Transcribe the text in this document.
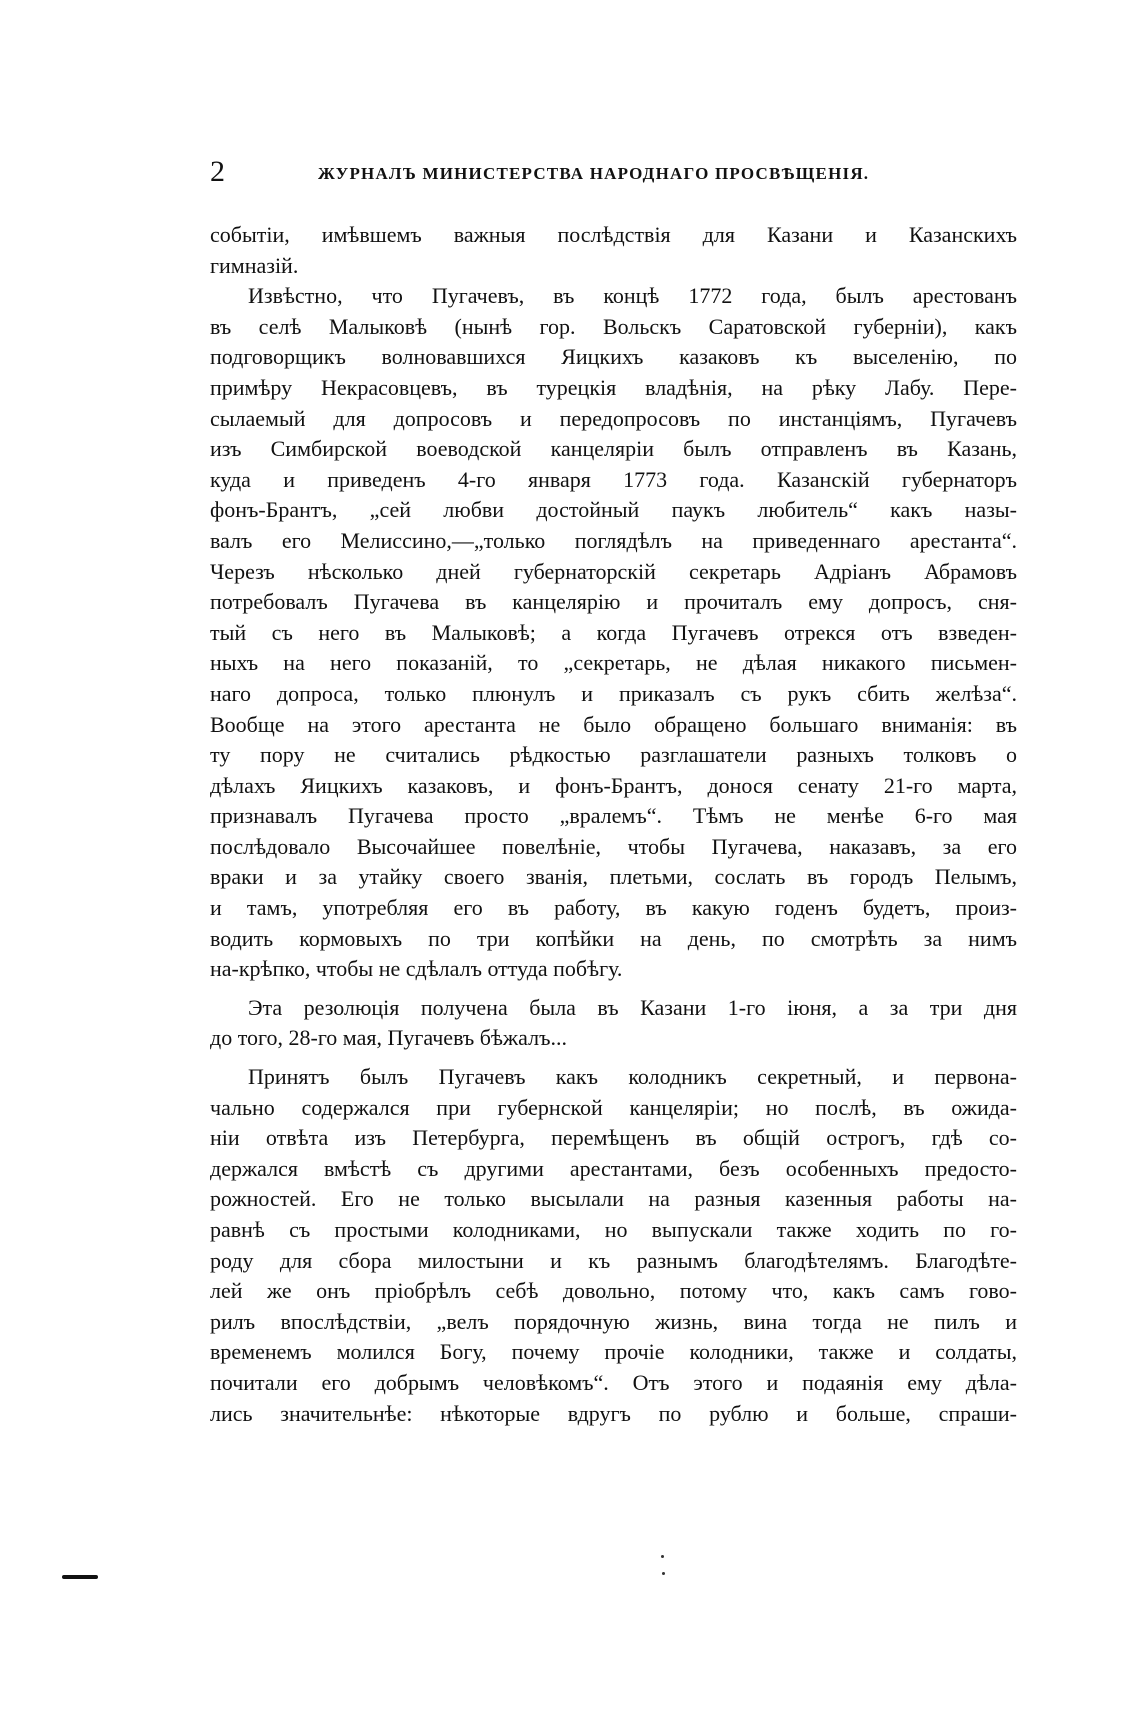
2	ЖУРНАЛЪ МИНИСТЕРСТВА НАРОДНАГО ПРОСВѢЩЕНІЯ.
событіи, имѣвшемъ важныя послѣдствія для Казани и Казанскихъ
гимназій.
Извѣстно, что Пугачевъ, въ концѣ 1772 года, былъ арестованъ
въ селѣ Малыковѣ (нынѣ гор. Вольскъ Саратовской губерніи), какъ
подговорщикъ волновавшихся Яицкихъ казаковъ къ выселенію, по
примѣру Некрасовцевъ, въ турецкія владѣнія, на рѣку Лабу. Пере-
сылаемый для допросовъ и передопросовъ по инстанціямъ, Пугачевъ
изъ Симбирской воеводской канцеляріи былъ отправленъ въ Казань,
куда и приведенъ 4-го января 1773 года. Казанскій губернаторъ
фонъ-Брантъ, „сей любви достойный паукъ любитель“ какъ назы-
валъ его Мелиссино,—„только поглядѣлъ на приведеннаго арестанта“.
Черезъ нѣсколько дней губернаторскій секретарь Адріанъ Абрамовъ
потребовалъ Пугачева въ канцелярію и прочиталъ ему допросъ, сня-
тый съ него въ Малыковѣ; а когда Пугачевъ отрекся отъ взведен-
ныхъ на него показаній, то „секретарь, не дѣлая никакого письмен-
наго допроса, только плюнулъ и приказалъ съ рукъ сбить желѣза“.
Вообще на этого арестанта не было обращено большаго вниманія: въ
ту пору не считались рѣдкостью разглашатели разныхъ толковъ о
дѣлахъ Яицкихъ казаковъ, и фонъ-Брантъ, донося сенату 21-го марта,
признавалъ Пугачева просто „вралемъ“. Тѣмъ не менѣе 6-го мая
послѣдовало Высочайшее повелѣніе, чтобы Пугачева, наказавъ, за его
враки и за утайку своего званія, плетьми, сослать въ городъ Пелымъ,
и тамъ, употребляя его въ работу, въ какую годенъ будетъ, произ-
водить кормовыхъ по три копѣйки на день, по смотрѣть за нимъ
на-крѣпко, чтобы не сдѣлалъ оттуда побѣгу.
Эта резолюція получена была въ Казани 1-го іюня, а за три дня
до того, 28-го мая, Пугачевъ бѣжалъ...
Принятъ былъ Пугачевъ какъ колодникъ секретный, и первона-
чально содержался при губернской канцеляріи; но послѣ, въ ожида-
ніи отвѣта изъ Петербурга, перемѣщенъ въ общій острогъ, гдѣ со-
держался вмѣстѣ съ другими арестантами, безъ особенныхъ предосто-
рожностей. Его не только высылали на разныя казенныя работы на-
равнѣ съ простыми колодниками, но выпускали также ходить по го-
роду для сбора милостыни и къ разнымъ благодѣтелямъ. Благодѣте-
лей же онъ пріобрѣлъ себѣ довольно, потому что, какъ самъ гово-
рилъ впослѣдствіи, „велъ порядочную жизнь, вина тогда не пилъ и
временемъ молился Богу, почему прочіе колодники, также и солдаты,
почитали его добрымъ человѣкомъ“. Отъ этого и подаянія ему дѣла-
лись значительнѣе: нѣкоторые вдругъ по рублю и больше, спраши-
